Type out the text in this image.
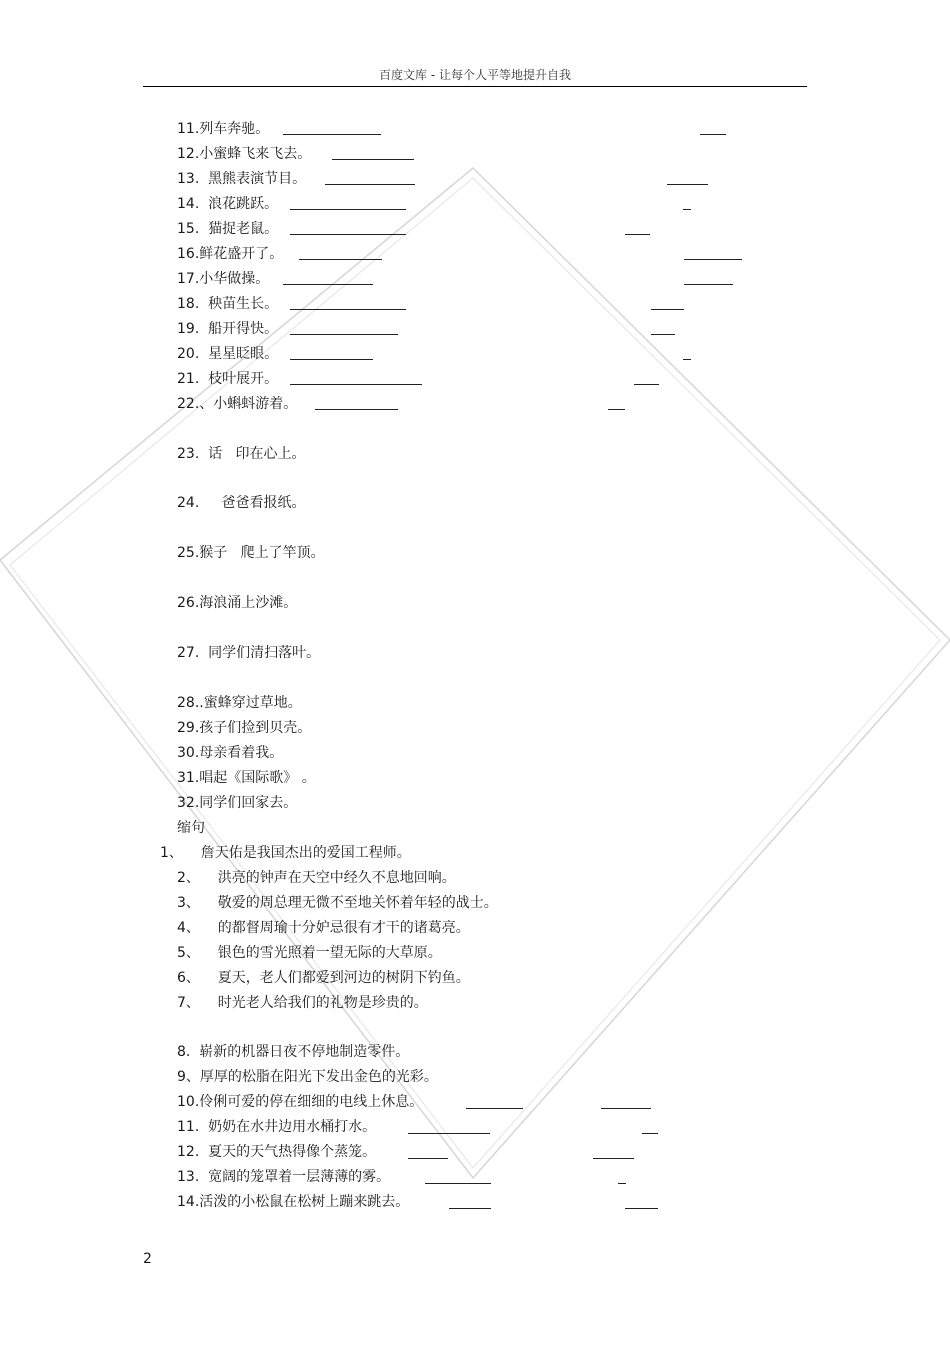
百度文库 - 让每个人平等地提升自我
11.列车奔驰。
12.小蜜蜂飞来飞去。
13.  黑熊表演节目。
14.  浪花跳跃。
15.  猫捉老鼠。
16.鲜花盛开了。
17.小华做操。
18.  秧苗生长。
19.  船开得快。
20.  星星眨眼。
21.  枝叶展开。
22.、小蝌蚪游着。
23.  话   印在心上。
24.     爸爸看报纸。
25.猴子   爬上了竿顶。
26.海浪涌上沙滩。
27.  同学们清扫落叶。
28..蜜蜂穿过草地。
29.孩子们捡到贝壳。
30.母亲看着我。
31.唱起《国际歌》 。
32.同学们回家去。
缩句
1、    詹天佑是我国杰出的爱国工程师。
2、    洪亮的钟声在天空中经久不息地回响。
3、    敬爱的周总理无微不至地关怀着年轻的战士。
4、    的都督周瑜十分妒忌很有才干的诸葛亮。
5、    银色的雪光照着一望无际的大草原。
6、    夏天，老人们都爱到河边的树阴下钓鱼。
7、    时光老人给我们的礼物是珍贵的。
8.  崭新的机器日夜不停地制造零件。
9、厚厚的松脂在阳光下发出金色的光彩。
10.伶俐可爱的停在细细的电线上休息。
11.  奶奶在水井边用水桶打水。
12.  夏天的天气热得像个蒸笼。
13.  宽阔的笼罩着一层薄薄的雾。
14.活泼的小松鼠在松树上蹦来跳去。
2
